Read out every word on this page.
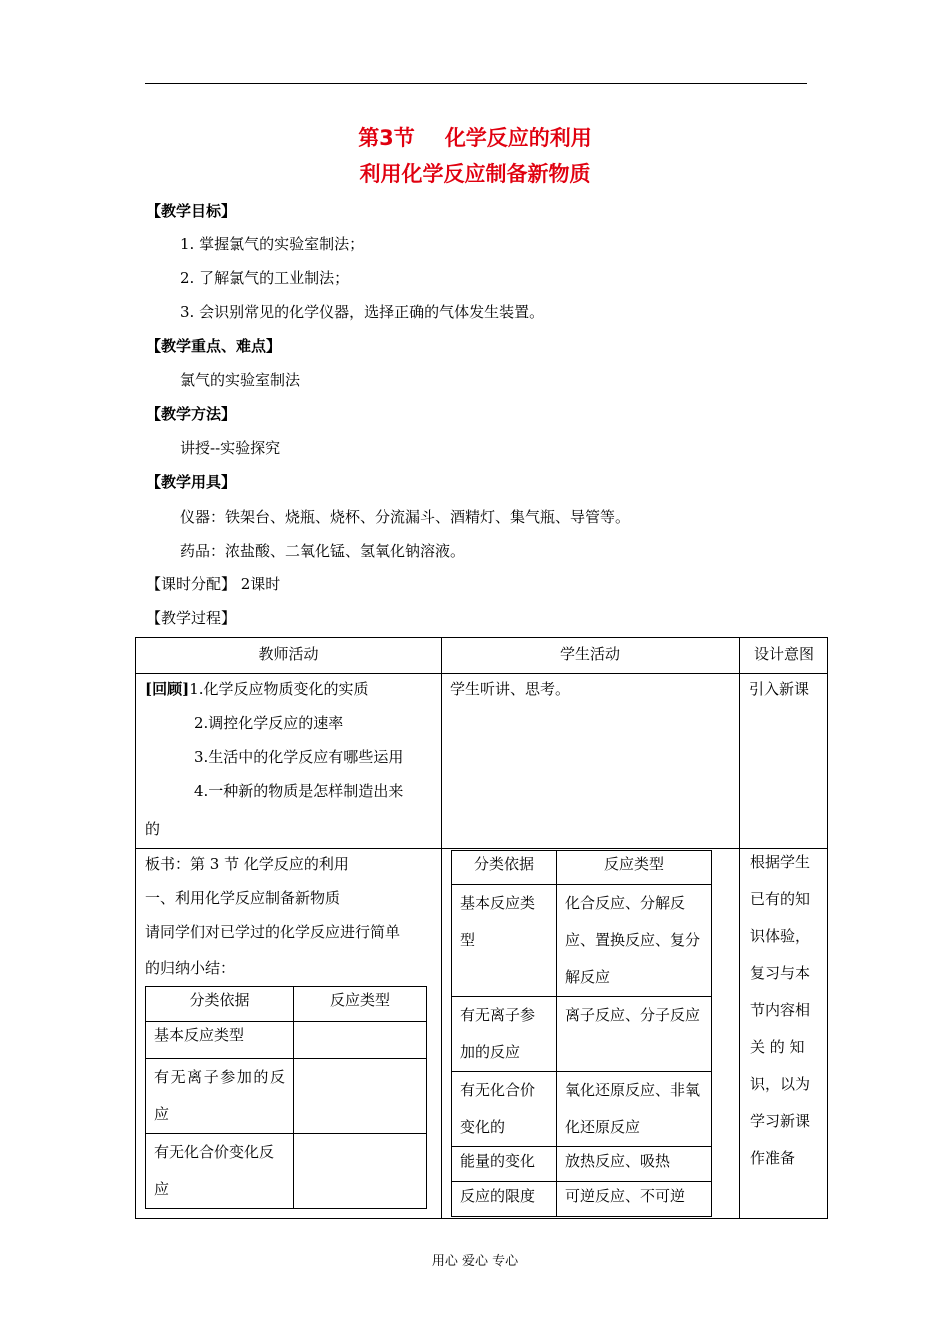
第3节 化学反应的利用
利用化学反应制备新物质
【教学目标】
1. 掌握氯气的实验室制法；
2. 了解氯气的工业制法；
3. 会识别常见的化学仪器，选择正确的气体发生装置。
【教学重点、难点】
氯气的实验室制法
【教学方法】
讲授--实验探究
【教学用具】
仪器：铁架台、烧瓶、烧杯、分流漏斗、酒精灯、集气瓶、导管等。
药品：浓盐酸、二氧化锰、氢氧化钠溶液。
【课时分配】 2课时
【教学过程】
教师活动	学生活动	设计意图
[回顾]1.化学反应物质变化的实质
2.调控化学反应的速率
3.生活中的化学反应有哪些运用
4.一种新的物质是怎样制造出来
的
学生听讲、思考。	引入新课
板书：第 3 节 化学反应的利用
一、利用化学反应制备新物质
请同学们对已学过的化学反应进行简单
的归纳小结：
分类依据	反应类型
基本反应类型	
有无离子参加的反应	
有无化合价变化反应	
分类依据	反应类型
基本反应类型	化合反应、分解反应、置换反应、复分解反应
有无离子参加的反应	离子反应、分子反应
有无化合价变化的	氧化还原反应、非氧化还原反应
能量的变化	放热反应、吸热
反应的限度	可逆反应、不可逆
根据学生
已有的知
识体验，
复习与本
节内容相
关 的 知
识，以为
学习新课
作准备
用心 爱心 专心
